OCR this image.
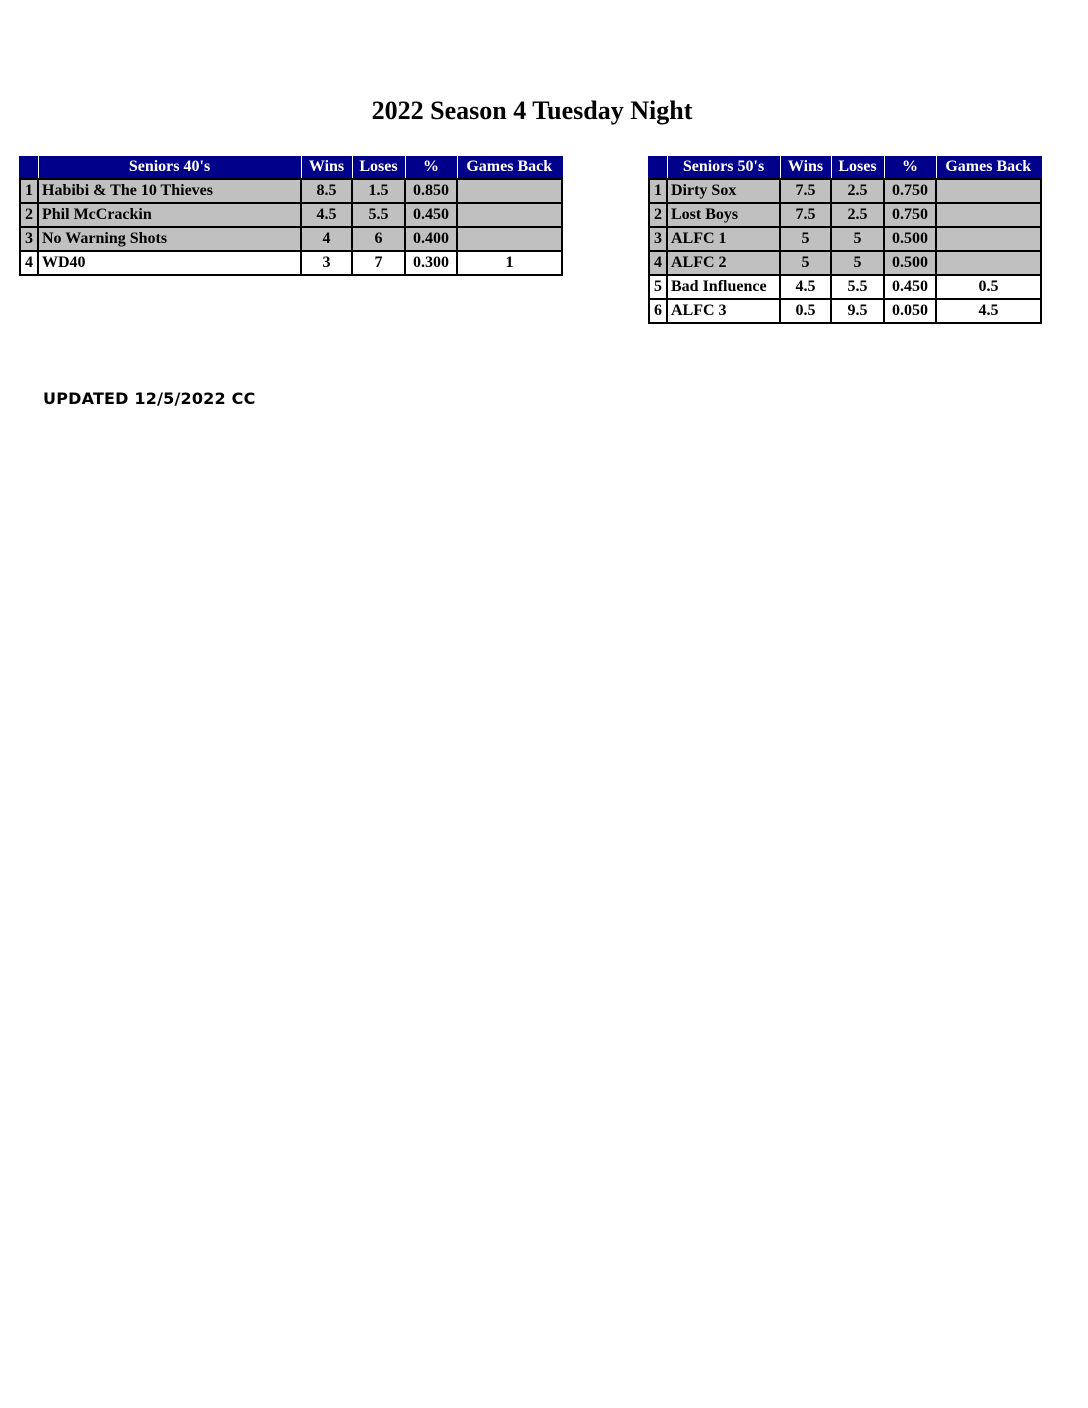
2022 Season 4 Tuesday Night
	Seniors 40's	Wins	Loses	%	Games Back
1	Habibi & The 10 Thieves	8.5	1.5	0.850	
2	Phil McCrackin	4.5	5.5	0.450	
3	No Warning Shots	4	6	0.400	
4	WD40	3	7	0.300	1
	Seniors 50's	Wins	Loses	%	Games Back
1	Dirty Sox	7.5	2.5	0.750	
2	Lost Boys	7.5	2.5	0.750	
3	ALFC 1	5	5	0.500	
4	ALFC 2	5	5	0.500	
5	Bad Influence	4.5	5.5	0.450	0.5
6	ALFC 3	0.5	9.5	0.050	4.5
UPDATED 12/5/2022 CC
